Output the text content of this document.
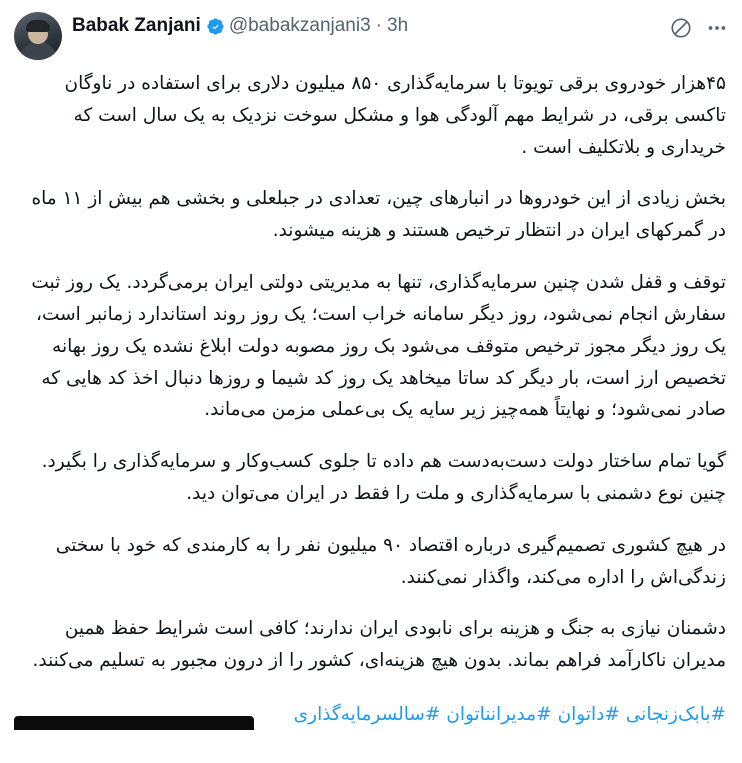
Babak Zanjani @babakzanjani3 · 3h

۴۵هزار خودروی برقی تویوتا با سرمایه‌گذاری ۸۵۰ میلیون دلاری برای استفاده در ناوگان تاکسی برقی، در شرایط مهم آلودگی هوا و مشکل سوخت نزدیک به یک سال است که خریداری و بلاتکلیف است .

بخش زیادی از این خودروها در انبارهای چین، تعدادی در جبلعلی و بخشی هم بیش از ۱۱ ماه در گمرکهای ایران در انتظار ترخیص هستند و هزینه میشوند.

توقف و قفل شدن چنین سرمایه‌گذاری، تنها به مدیریتی دولتی ایران برمی‌گردد. یک روز ثبت سفارش انجام نمی‌شود، روز دیگر سامانه خراب است؛ یک روز روند استاندارد زمانبر است، یک روز دیگر مجوز ترخیص متوقف می‌شود بک روز مصوبه دولت ابلاغ نشده یک روز بهانه تخصیص ارز است، بار دیگر کد ساتا میخاهد یک روز کد شیما و روزها دنبال اخذ کد هایی که صادر نمی‌شود؛ و نهایتاً همه‌چیز زیر سایه یک بی‌عملی مزمن می‌ماند.

گویا تمام ساختار دولت دست‌به‌دست هم داده تا جلوی کسب‌وکار و سرمایه‌گذاری را بگیرد. چنین نوع دشمنی با سرمایه‌گذاری و ملت را فقط در ایران می‌توان دید.

در هیچ کشوری تصمیم‌گیری درباره اقتصاد ۹۰ میلیون نفر را به کارمندی که خود با سختی زندگی‌اش را اداره می‌کند، واگذار نمی‌کنند.

دشمنان نیازی به جنگ و هزینه برای نابودی ایران ندارند؛ کافی است شرایط حفظ همین مدیران ناکارآمد فراهم بماند. بدون هیچ هزینه‌ای، کشور را از درون مجبور به تسلیم می‌کنند.

#بابک‌زنجانی #داتوان #مدیرانناتوان #سالسرمایه‌گذاری
